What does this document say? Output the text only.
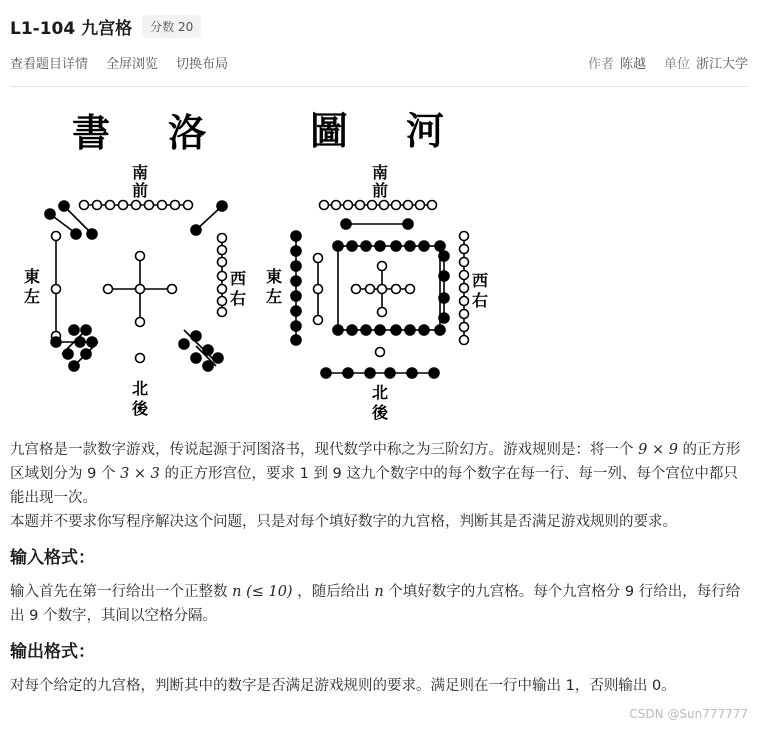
L1-104 九宫格	分数 20
查看题目详情 全屏浏览 切换布局	作者 陈越 单位 浙江大学
書 洛	圖 河
南
前
北
後
東
左
西
右
南
前
北
後
東
左
西
右

九宫格是一款数字游戏，传说起源于河图洛书，现代数学中称之为三阶幻方。游戏规则是：将一个 9 × 9 的正方形区域划分为 9 个 3 × 3 的正方形宫位，要求 1 到 9 这九个数字中的每个数字在每一行、每一列、每个宫位中都只能出现一次。

本题并不要求你写程序解决这个问题，只是对每个填好数字的九宫格，判断其是否满足游戏规则的要求。

输入格式：

输入首先在第一行给出一个正整数 n (≤ 10) ，随后给出 n 个填好数字的九宫格。每个九宫格分 9 行给出，每行给出 9 个数字，其间以空格分隔。

输出格式：

对每个给定的九宫格，判断其中的数字是否满足游戏规则的要求。满足则在一行中输出 1，否则输出 0。

CSDN @Sun777777
